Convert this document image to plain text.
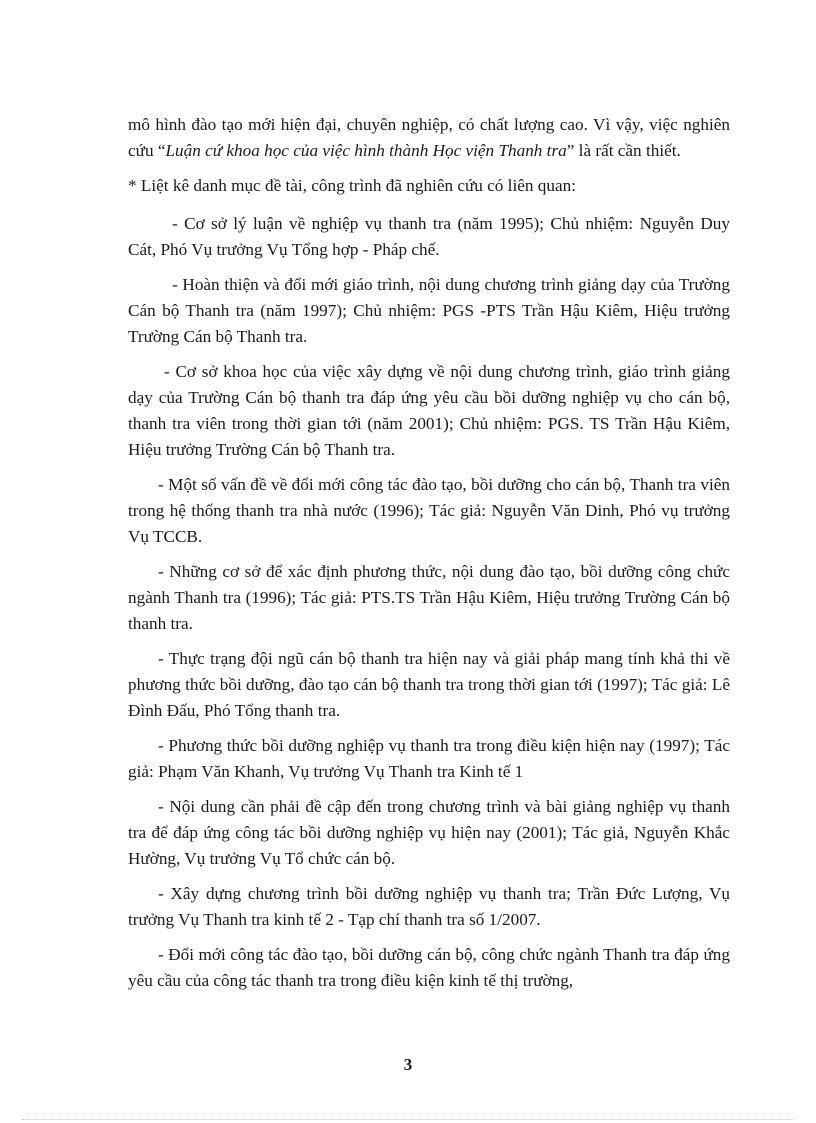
mô hình đào tạo mới hiện đại, chuyên nghiệp, có chất lượng cao. Vì vậy, việc nghiên cứu “Luận cứ khoa học của việc hình thành Học viện Thanh tra” là rất cần thiết.

* Liệt kê danh mục đề tài, công trình đã nghiên cứu có liên quan:

- Cơ sở lý luận về nghiệp vụ thanh tra (năm 1995); Chủ nhiệm: Nguyễn Duy Cát, Phó Vụ trưởng Vụ Tổng hợp - Pháp chế.

- Hoàn thiện và đổi mới giáo trình, nội dung chương trình giảng dạy của Trường Cán bộ Thanh tra (năm 1997); Chủ nhiệm: PGS -PTS Trần Hậu Kiêm, Hiệu trưởng Trường Cán bộ Thanh tra.

- Cơ sở khoa học của việc xây dựng về nội dung chương trình, giáo trình giảng dạy của Trường Cán bộ thanh tra đáp ứng yêu cầu bồi dưỡng nghiệp vụ cho cán bộ, thanh tra viên trong thời gian tới (năm 2001); Chủ nhiệm: PGS. TS Trần Hậu Kiêm, Hiệu trưởng Trường Cán bộ Thanh tra.

- Một số vấn đề về đổi mới công tác đào tạo, bồi dưỡng cho cán bộ, Thanh tra viên trong hệ thống thanh tra nhà nước (1996); Tác giả: Nguyễn Văn Dinh, Phó vụ trưởng Vụ TCCB.

- Những cơ sở để xác định phương thức, nội dung đào tạo, bồi dưỡng công chức ngành Thanh tra (1996); Tác giả: PTS.TS Trần Hậu Kiêm, Hiệu trưởng Trường Cán bộ thanh tra.

- Thực trạng đội ngũ cán bộ thanh tra hiện nay và giải pháp mang tính khả thi về phương thức bồi dưỡng, đào tạo cán bộ thanh tra trong thời gian tới (1997); Tác giả: Lê Đình Đấu, Phó Tổng thanh tra.

- Phương thức bồi dưỡng nghiệp vụ thanh tra trong điều kiện hiện nay (1997); Tác giả: Phạm Văn Khanh, Vụ trưởng Vụ Thanh tra Kinh tế 1

- Nội dung cần phải đề cập đến trong chương trình và bài giảng nghiệp vụ thanh tra để đáp ứng công tác bồi dưỡng nghiệp vụ hiện nay (2001); Tác giả, Nguyễn Khắc Hường, Vụ trưởng Vụ Tổ chức cán bộ.

- Xây dựng chương trình bồi dưỡng nghiệp vụ thanh tra; Trần Đức Lượng, Vụ trưởng Vụ Thanh tra kinh tế 2 - Tạp chí thanh tra số 1/2007.

- Đổi mới công tác đào tạo, bồi dưỡng cán bộ, công chức ngành Thanh tra đáp ứng yêu cầu của công tác thanh tra trong điều kiện kinh tế thị trường,

3
